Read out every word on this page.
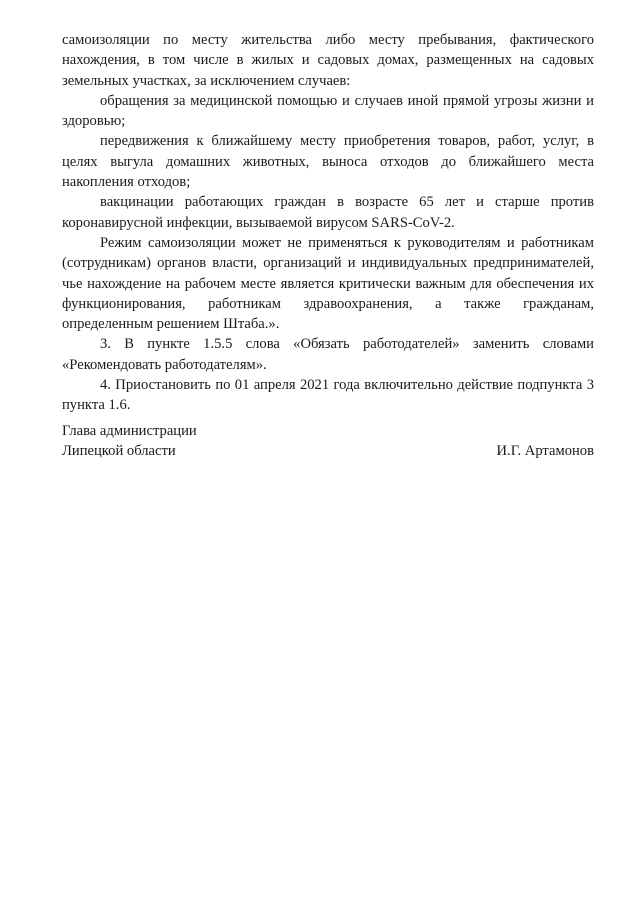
самоизоляции по месту жительства либо месту пребывания, фактического нахождения, в том числе в жилых и садовых домах, размещенных на садовых земельных участках, за исключением случаев:

обращения за медицинской помощью и случаев иной прямой угрозы жизни и здоровью;

передвижения к ближайшему месту приобретения товаров, работ, услуг, в целях выгула домашних животных, выноса отходов до ближайшего места накопления отходов;

вакцинации работающих граждан в возрасте 65 лет и старше против коронавирусной инфекции, вызываемой вирусом SARS-CoV-2.

Режим самоизоляции может не применяться к руководителям и работникам (сотрудникам) органов власти, организаций и индивидуальных предпринимателей, чье нахождение на рабочем месте является критически важным для обеспечения их функционирования, работникам здравоохранения, а также гражданам, определенным решением Штаба.».

3. В пункте 1.5.5 слова «Обязать работодателей» заменить словами «Рекомендовать работодателям».

4. Приостановить по 01 апреля 2021 года включительно действие подпункта 3 пункта 1.6.

Глава администрации
Липецкой области	И.Г. Артамонов
